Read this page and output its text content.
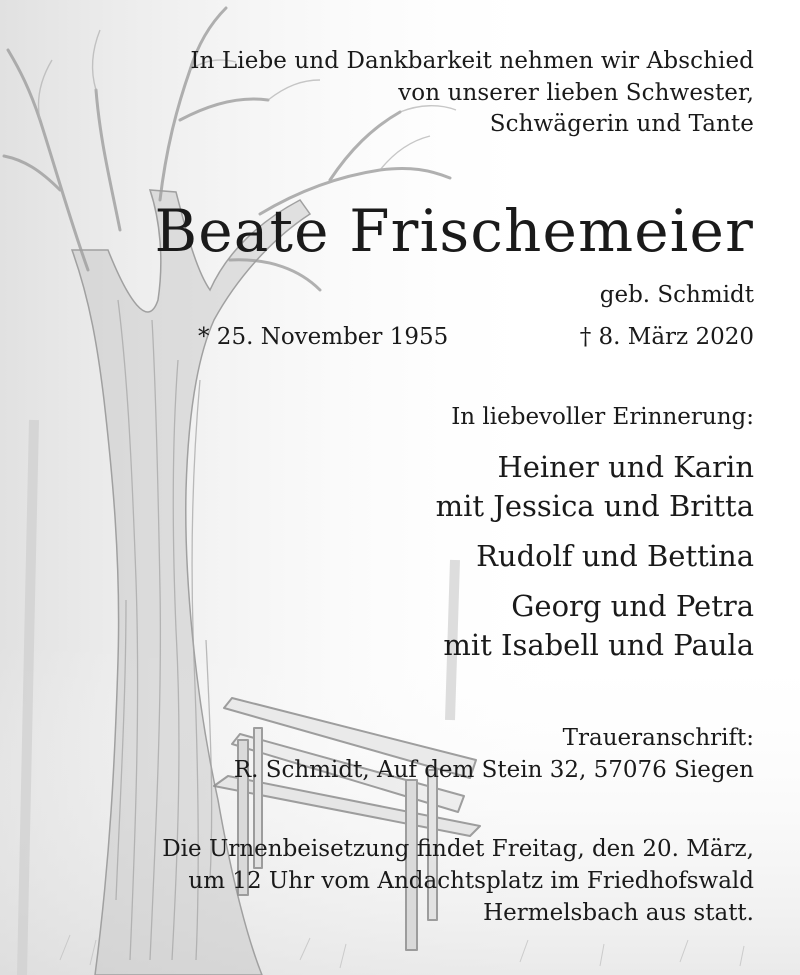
In Liebe und Dankbarkeit nehmen wir Abschied
von unserer lieben Schwester,
Schwägerin und Tante
Beate Frischemeier
geb. Schmidt
* 25. November 1955	† 8. März 2020
In liebevoller Erinnerung:
Heiner und Karin
mit Jessica und Britta
Rudolf und Bettina
Georg und Petra
mit Isabell und Paula
Traueranschrift:
R. Schmidt, Auf dem Stein 32, 57076 Siegen
Die Urnenbeisetzung findet Freitag, den 20. März,
um 12 Uhr vom Andachtsplatz im Friedhofswald
Hermelsbach aus statt.
